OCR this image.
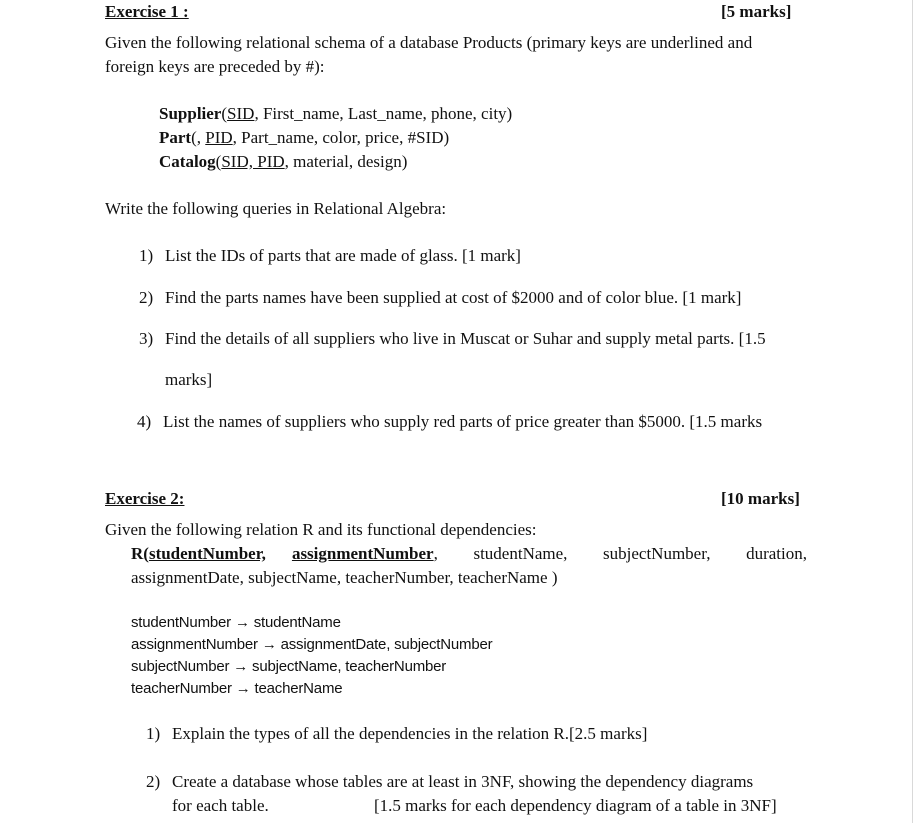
Exercise 1 :	[5 marks]
Given the following relational schema of a database Products (primary keys are underlined and
foreign keys are preceded by #):
Supplier(SID, First_name, Last_name, phone, city)
Part(, PID, Part_name, color, price, #SID)
Catalog(SID, PID, material, design)
Write the following queries in Relational Algebra:
1) List the IDs of parts that are made of glass. [1 mark]
2) Find the parts names have been supplied at cost of $2000 and of color blue. [1 mark]
3) Find the details of all suppliers who live in Muscat or Suhar and supply metal parts. [1.5
marks]
4) List the names of suppliers who supply red parts of price greater than $5000. [1.5 marks
Exercise 2:	[10 marks]
Given the following relation R and its functional dependencies:
R(studentNumber, assignmentNumber, studentName, subjectNumber, duration,
assignmentDate, subjectName, teacherNumber, teacherName )
studentNumber → studentName
assignmentNumber → assignmentDate, subjectNumber
subjectNumber → subjectName, teacherNumber
teacherNumber → teacherName
1) Explain the types of all the dependencies in the relation R.[2.5 marks]
2) Create a database whose tables are at least in 3NF, showing the dependency diagrams
for each table.	[1.5 marks for each dependency diagram of a table in 3NF]
